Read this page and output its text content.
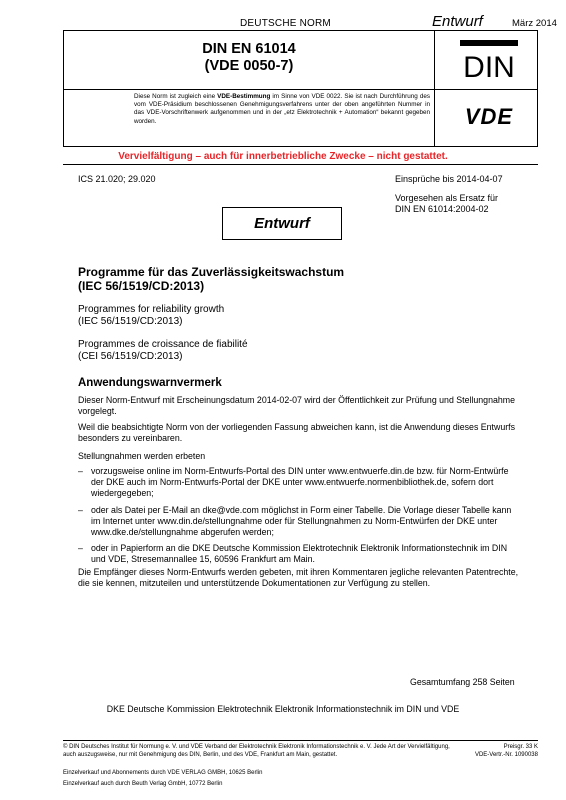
DEUTSCHE NORM	Entwurf	März 2014
DIN EN 61014
(VDE 0050-7)
Diese Norm ist zugleich eine VDE-Bestimmung im Sinne von VDE 0022. Sie ist nach Durchführung des vom VDE-Präsidium beschlossenen Genehmigungsverfahrens unter der oben angeführten Nummer in das VDE-Vorschriftenwerk aufgenommen und in der „etz Elektrotechnik + Automation“ bekannt gegeben worden.
DIN
VDE
Vervielfältigung – auch für innerbetriebliche Zwecke – nicht gestattet.
ICS 21.020; 29.020	Einsprüche bis 2014-04-07
Vorgesehen als Ersatz für
DIN EN 61014:2004-02
Entwurf
Programme für das Zuverlässigkeitswachstum
(IEC 56/1519/CD:2013)
Programmes for reliability growth
(IEC 56/1519/CD:2013)
Programmes de croissance de fiabilité
(CEI 56/1519/CD:2013)
Anwendungswarnvermerk
Dieser Norm-Entwurf mit Erscheinungsdatum 2014-02-07 wird der Öffentlichkeit zur Prüfung und Stellungnahme vorgelegt.
Weil die beabsichtigte Norm von der vorliegenden Fassung abweichen kann, ist die Anwendung dieses Entwurfs besonders zu vereinbaren.
Stellungnahmen werden erbeten
– vorzugsweise online im Norm-Entwurfs-Portal des DIN unter www.entwuerfe.din.de bzw. für Norm-Entwürfe der DKE auch im Norm-Entwurfs-Portal der DKE unter www.entwuerfe.normenbibliothek.de, sofern dort wiedergegeben;
– oder als Datei per E-Mail an dke@vde.com möglichst in Form einer Tabelle. Die Vorlage dieser Tabelle kann im Internet unter www.din.de/stellungnahme oder für Stellungnahmen zu Norm-Entwürfen der DKE unter www.dke.de/stellungnahme abgerufen werden;
– oder in Papierform an die DKE Deutsche Kommission Elektrotechnik Elektronik Informationstechnik im DIN und VDE, Stresemannallee 15, 60596 Frankfurt am Main.
Die Empfänger dieses Norm-Entwurfs werden gebeten, mit ihren Kommentaren jegliche relevanten Patentrechte, die sie kennen, mitzuteilen und unterstützende Dokumentationen zur Verfügung zu stellen.
Gesamtumfang 258 Seiten
DKE Deutsche Kommission Elektrotechnik Elektronik Informationstechnik im DIN und VDE
© DIN Deutsches Institut für Normung e. V. und VDE Verband der Elektrotechnik Elektronik Informationstechnik e. V. Jede Art der Vervielfältigung, auch auszugsweise, nur mit Genehmigung des DIN, Berlin, und des VDE, Frankfurt am Main, gestattet.
Preisgr. 33 K
VDE-Vertr.-Nr. 1090038
Einzelverkauf und Abonnements durch VDE VERLAG GMBH, 10625 Berlin
Einzelverkauf auch durch Beuth Verlag GmbH, 10772 Berlin
